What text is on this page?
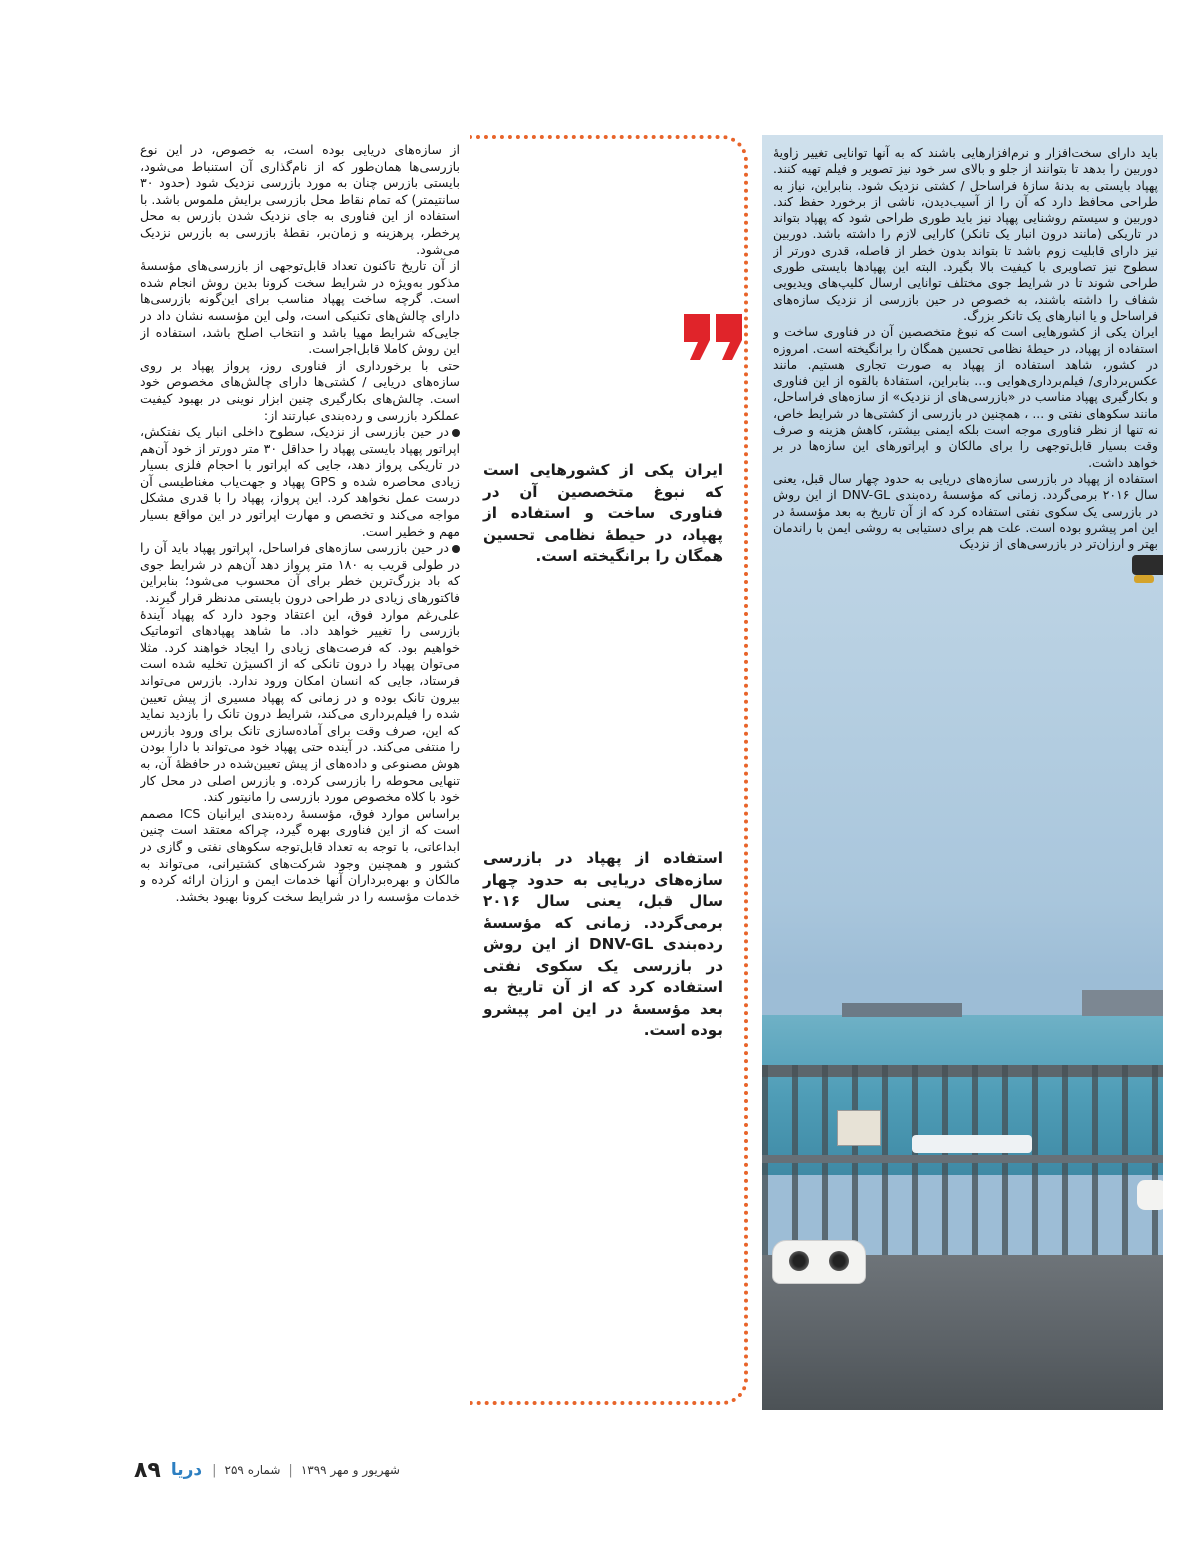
باید دارای سخت‌افزار و نرم‌افزارهایی باشند که به آنها توانایی تغییر زاویهٔ دوربین را بدهد تا بتوانند از جلو و بالای سر خود نیز تصویر و فیلم تهیه کنند. پهپاد بایستی به بدنهٔ سازهٔ فراساحل / کشتی نزدیک شود. بنابراین، نیاز به طراحی محافظ دارد که آن را از آسیب‌دیدن، ناشی از برخورد حفظ کند. دوربین و سیستم روشنایی پهپاد نیز باید طوری طراحی شود که پهپاد بتواند در تاریکی (مانند درون انبار یک تانکر) کارایی لازم را داشته باشد. دوربین نیز دارای قابلیت زوم باشد تا بتواند بدون خطر از فاصله، قدری دورتر از سطوح نیز تصاویری با کیفیت بالا بگیرد. البته این پهپادها بایستی طوری طراحی شوند تا در شرایط جوی مختلف توانایی ارسال کلیپ‌های ویدیویی شفاف را داشته باشند، به خصوص در حین بازرسی از نزدیک سازه‌های فراساحل و یا انبارهای یک تانکر بزرگ.

ایران یکی از کشورهایی است که نبوغ متخصصین آن در فناوری ساخت و استفاده از پهپاد، در حیطهٔ نظامی تحسین همگان را برانگیخته است. امروزه در کشور، شاهد استفاده از پهپاد به صورت تجاری هستیم. مانند عکس‌برداری/ فیلم‌برداری‌هوایی و... بنابراین، استفادهٔ بالقوه از این فناوری و بکارگیری پهپاد مناسب در «بازرسی‌های از نزدیک» از سازه‌های فراساحل، مانند سکوهای نفتی و ... ، همچنین در بازرسی از کشتی‌ها در شرایط خاص، نه تنها از نظر فناوری موجه است بلکه ایمنی بیشتر، کاهش هزینه و صرف وقت بسیار قابل‌توجهی را برای مالکان و اپراتورهای این سازه‌ها در بر خواهد داشت.

استفاده از پهپاد در بازرسی سازه‌های دریایی به حدود چهار سال قبل، یعنی سال ۲۰۱۶ برمی‌گردد. زمانی که مؤسسهٔ رده‌بندی DNV-GL از این روش در بازرسی یک سکوی نفتی استفاده کرد که از آن تاریخ به بعد مؤسسهٔ در این امر پیشرو بوده است. علت هم برای دستیابی به روشی ایمن با راندمان بهتر و ارزان‌تر در بازرسی‌های از نزدیک

ایران یکی از کشورهایی است که نبوغ متخصصین آن در فناوری ساخت و استفاده از پهپاد، در حیطهٔ نظامی تحسین همگان را برانگیخته است.
استفاده از پهپاد در بازرسی سازه‌های دریایی به حدود چهار سال قبل، یعنی سال ۲۰۱۶ برمی‌گردد. زمانی که مؤسسهٔ رده‌بندی DNV-GL از این روش در بازرسی یک سکوی نفتی استفاده کرد که از آن تاریخ به بعد مؤسسهٔ در این امر پیشرو بوده است.

از سازه‌های دریایی بوده است، به خصوص، در این نوع بازرسی‌ها همان‌طور که از نام‌گذاری آن استنباط می‌شود، بایستی بازرس چنان به مورد بازرسی نزدیک شود (حدود ۳۰ سانتیمتر) که تمام نقاط محل بازرسی برایش ملموس باشد. با استفاده از این فناوری به جای نزدیک شدن بازرس به محل پرخطر، پرهزینه و زمان‌بر، نقطهٔ بازرسی به بازرس نزدیک می‌شود.

از آن تاریخ تاکنون تعداد قابل‌توجهی از بازرسی‌های مؤسسهٔ مذکور به‌ویژه در شرایط سخت کرونا بدین روش انجام شده است. گرچه ساخت پهپاد مناسب برای این‌گونه بازرسی‌ها دارای چالش‌های تکنیکی است، ولی این مؤسسه نشان داد در جایی‌که شرایط مهیا باشد و انتخاب اصلح باشد، استفاده از این روش کاملا قابل‌اجراست.

حتی با برخورداری از فناوری روز، پرواز پهپاد بر روی سازه‌های دریایی / کشتی‌ها دارای چالش‌های مخصوص خود است. چالش‌های بکارگیری چنین ابزار نوینی در بهبود کیفیت عملکرد بازرسی و رده‌بندی عبارتند از:

در حین بازرسی از نزدیک، سطوح داخلی انبار یک نفتکش، اپراتور پهپاد بایستی پهپاد را حداقل ۳۰ متر دورتر از خود آن‌هم در تاریکی پرواز دهد، جایی که اپراتور با احجام فلزی بسیار زیادی محاصره شده و GPS پهپاد و جهت‌یاب مغناطیسی آن درست عمل نخواهد کرد. این پرواز، پهپاد را با قدری مشکل مواجه می‌کند و تخصص و مهارت اپراتور در این مواقع بسیار مهم و خطیر است.

در حین بازرسی سازه‌های فراساحل، اپراتور پهپاد باید آن را در طولی قریب به ۱۸۰ متر پرواز دهد آن‌هم در شرایط جوی که باد بزرگ‌ترین خطر برای آن محسوب می‌شود؛ بنابراین فاکتورهای زیادی در طراحی درون بایستی مدنظر قرار گیرند.

علی‌رغم موارد فوق، این اعتقاد وجود دارد که پهپاد آیندهٔ بازرسی را تغییر خواهد داد. ما شاهد پهپادهای اتوماتیک خواهیم بود. که فرصت‌های زیادی را ایجاد خواهند کرد. مثلا می‌توان پهپاد را درون تانکی که از اکسیژن تخلیه شده است فرستاد، جایی که انسان امکان ورود ندارد. بازرس می‌تواند بیرون تانک بوده و در زمانی که پهپاد مسیری از پیش تعیین شده را فیلم‌برداری می‌کند، شرایط درون تانک را بازدید نماید که این، صرف وقت برای آماده‌سازی تانک برای ورود بازرس را منتفی می‌کند. در آینده حتی پهپاد خود می‌تواند با دارا بودن هوش مصنوعی و داده‌های از پیش تعیین‌شده در حافظهٔ آن، به تنهایی محوطه را بازرسی کرده. و بازرس اصلی در محل کار خود با کلاه مخصوص مورد بازرسی را مانیتور کند.

براساس موارد فوق، مؤسسهٔ رده‌بندی ایرانیان ICS مصمم است که از این فناوری بهره گیرد، چراکه معتقد است چنین ابداعاتی، با توجه به تعداد قابل‌توجه سکوهای نفتی و گازی در کشور و همچنین وجود شرکت‌های کشتیرانی، می‌تواند به مالکان و بهره‌برداران آنها خدمات ایمن و ارزان ارائه کرده و خدمات مؤسسه را در شرایط سخت کرونا بهبود بخشد.

۸۹ دریا | شماره ۲۵۹ | شهریور و مهر ۱۳۹۹
